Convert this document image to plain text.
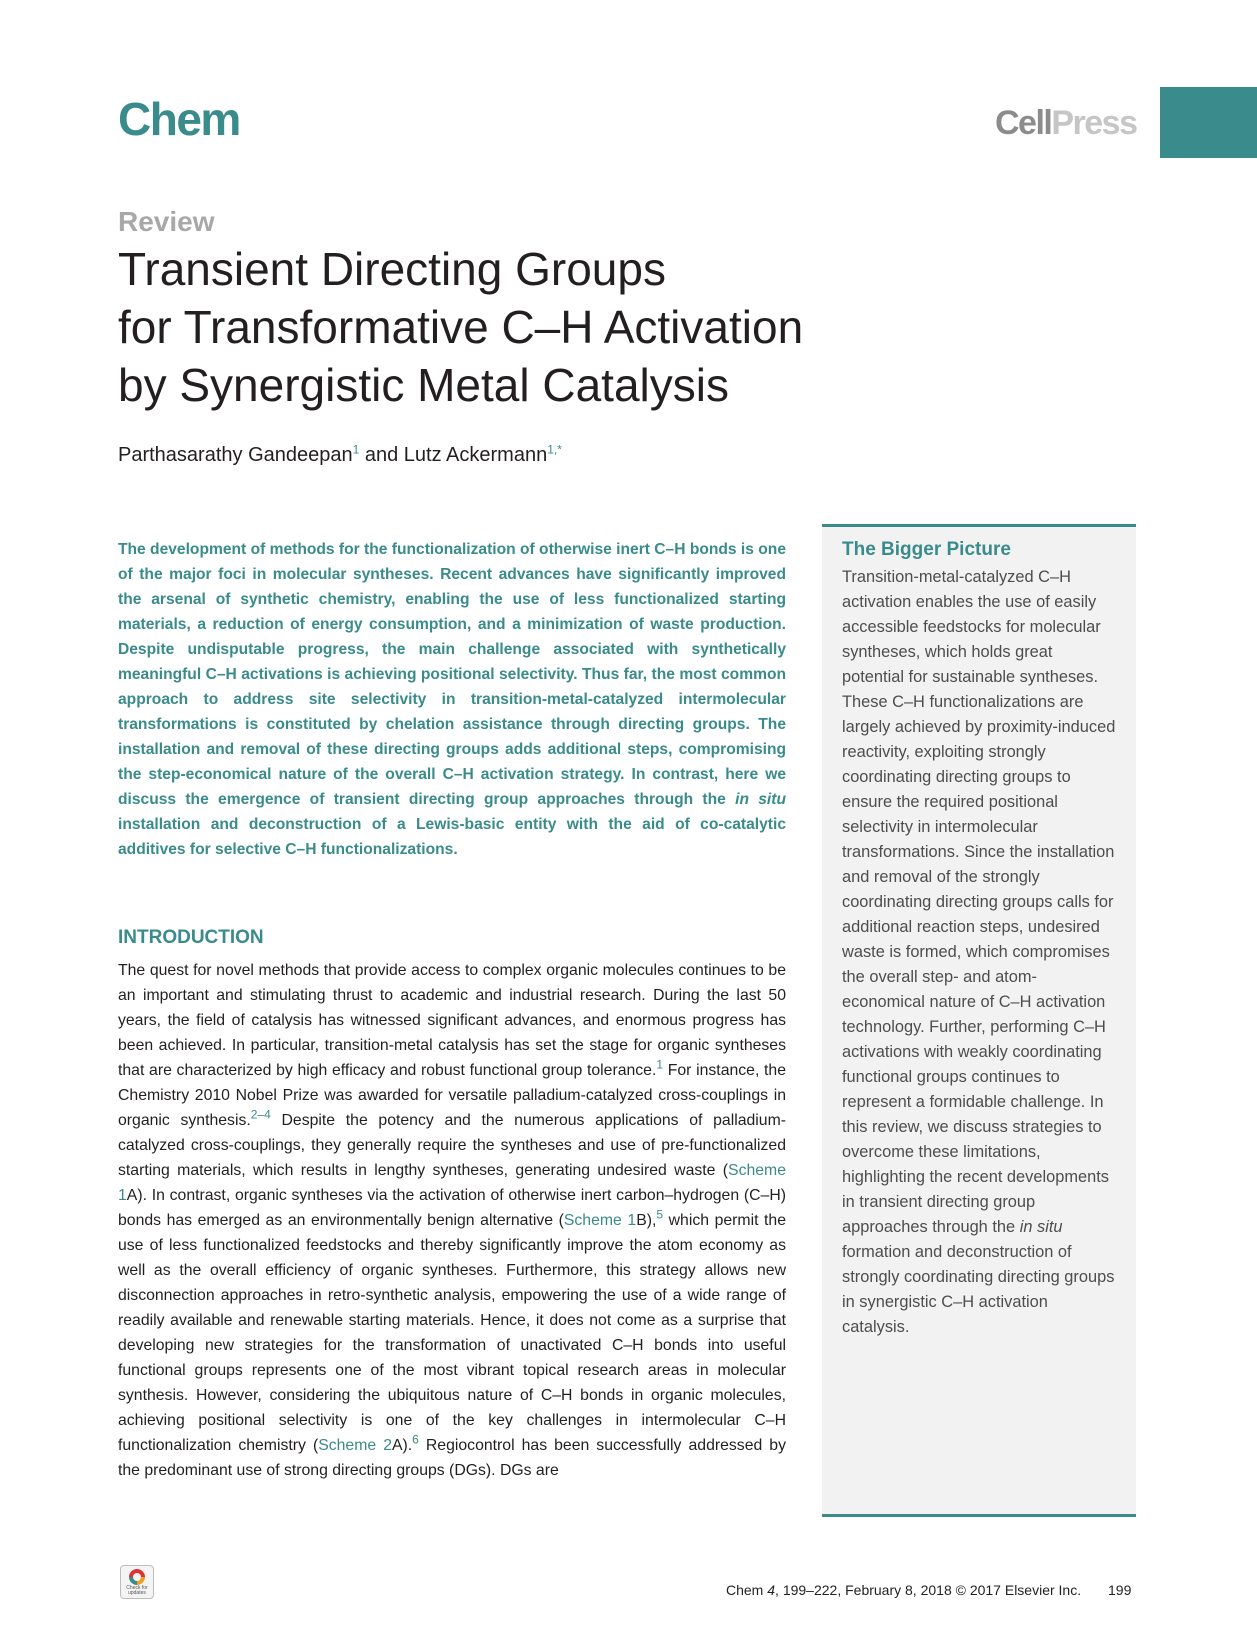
Chem	CellPress
Review
Transient Directing Groups
for Transformative C–H Activation
by Synergistic Metal Catalysis
Parthasarathy Gandeepan$^1$ and Lutz Ackermann$^{1,*}$
The development of methods for the functionalization of otherwise inert C–H bonds is one of the major foci in molecular syntheses. Recent advances have significantly improved the arsenal of synthetic chemistry, enabling the use of less functionalized starting materials, a reduction of energy consumption, and a minimization of waste production. Despite undisputable progress, the main challenge associated with synthetically meaningful C–H activations is achieving positional selectivity. Thus far, the most common approach to address site selectivity in transition-metal-catalyzed intermolecular transformations is constituted by chelation assistance through directing groups. The installation and removal of these directing groups adds additional steps, compromising the step-economical nature of the overall C–H activation strategy. In contrast, here we discuss the emergence of transient directing group approaches through the in situ installation and deconstruction of a Lewis-basic entity with the aid of co-catalytic additives for selective C–H functionalizations.
INTRODUCTION
The quest for novel methods that provide access to complex organic molecules continues to be an important and stimulating thrust to academic and industrial research. During the last 50 years, the field of catalysis has witnessed significant advances, and enormous progress has been achieved. In particular, transition-metal catalysis has set the stage for organic syntheses that are characterized by high efficacy and robust functional group tolerance.$^1$ For instance, the Chemistry 2010 Nobel Prize was awarded for versatile palladium-catalyzed cross-couplings in organic synthesis.$^{2-4}$ Despite the potency and the numerous applications of palladium-catalyzed cross-couplings, they generally require the syntheses and use of pre-functionalized starting materials, which results in lengthy syntheses, generating undesired waste (Scheme 1A). In contrast, organic syntheses via the activation of otherwise inert carbon–hydrogen (C–H) bonds has emerged as an environmentally benign alternative (Scheme 1B),$^5$ which permit the use of less functionalized feedstocks and thereby significantly improve the atom economy as well as the overall efficiency of organic syntheses. Furthermore, this strategy allows new disconnection approaches in retro-synthetic analysis, empowering the use of a wide range of readily available and renewable starting materials. Hence, it does not come as a surprise that developing new strategies for the transformation of unactivated C–H bonds into useful functional groups represents one of the most vibrant topical research areas in molecular synthesis. However, considering the ubiquitous nature of C–H bonds in organic molecules, achieving positional selectivity is one of the key challenges in intermolecular C–H functionalization chemistry (Scheme 2A).$^6$ Regiocontrol has been successfully addressed by the predominant use of strong directing groups (DGs). DGs are
The Bigger Picture
Transition-metal-catalyzed C–H activation enables the use of easily accessible feedstocks for molecular syntheses, which holds great potential for sustainable syntheses. These C–H functionalizations are largely achieved by proximity-induced reactivity, exploiting strongly coordinating directing groups to ensure the required positional selectivity in intermolecular transformations. Since the installation and removal of the strongly coordinating directing groups calls for additional reaction steps, undesired waste is formed, which compromises the overall step- and atom-economical nature of C–H activation technology. Further, performing C–H activations with weakly coordinating functional groups continues to represent a formidable challenge. In this review, we discuss strategies to overcome these limitations, highlighting the recent developments in transient directing group approaches through the in situ formation and deconstruction of strongly coordinating directing groups in synergistic C–H activation catalysis.
Check for updates	Chem 4, 199–222, February 8, 2018 © 2017 Elsevier Inc. 199
